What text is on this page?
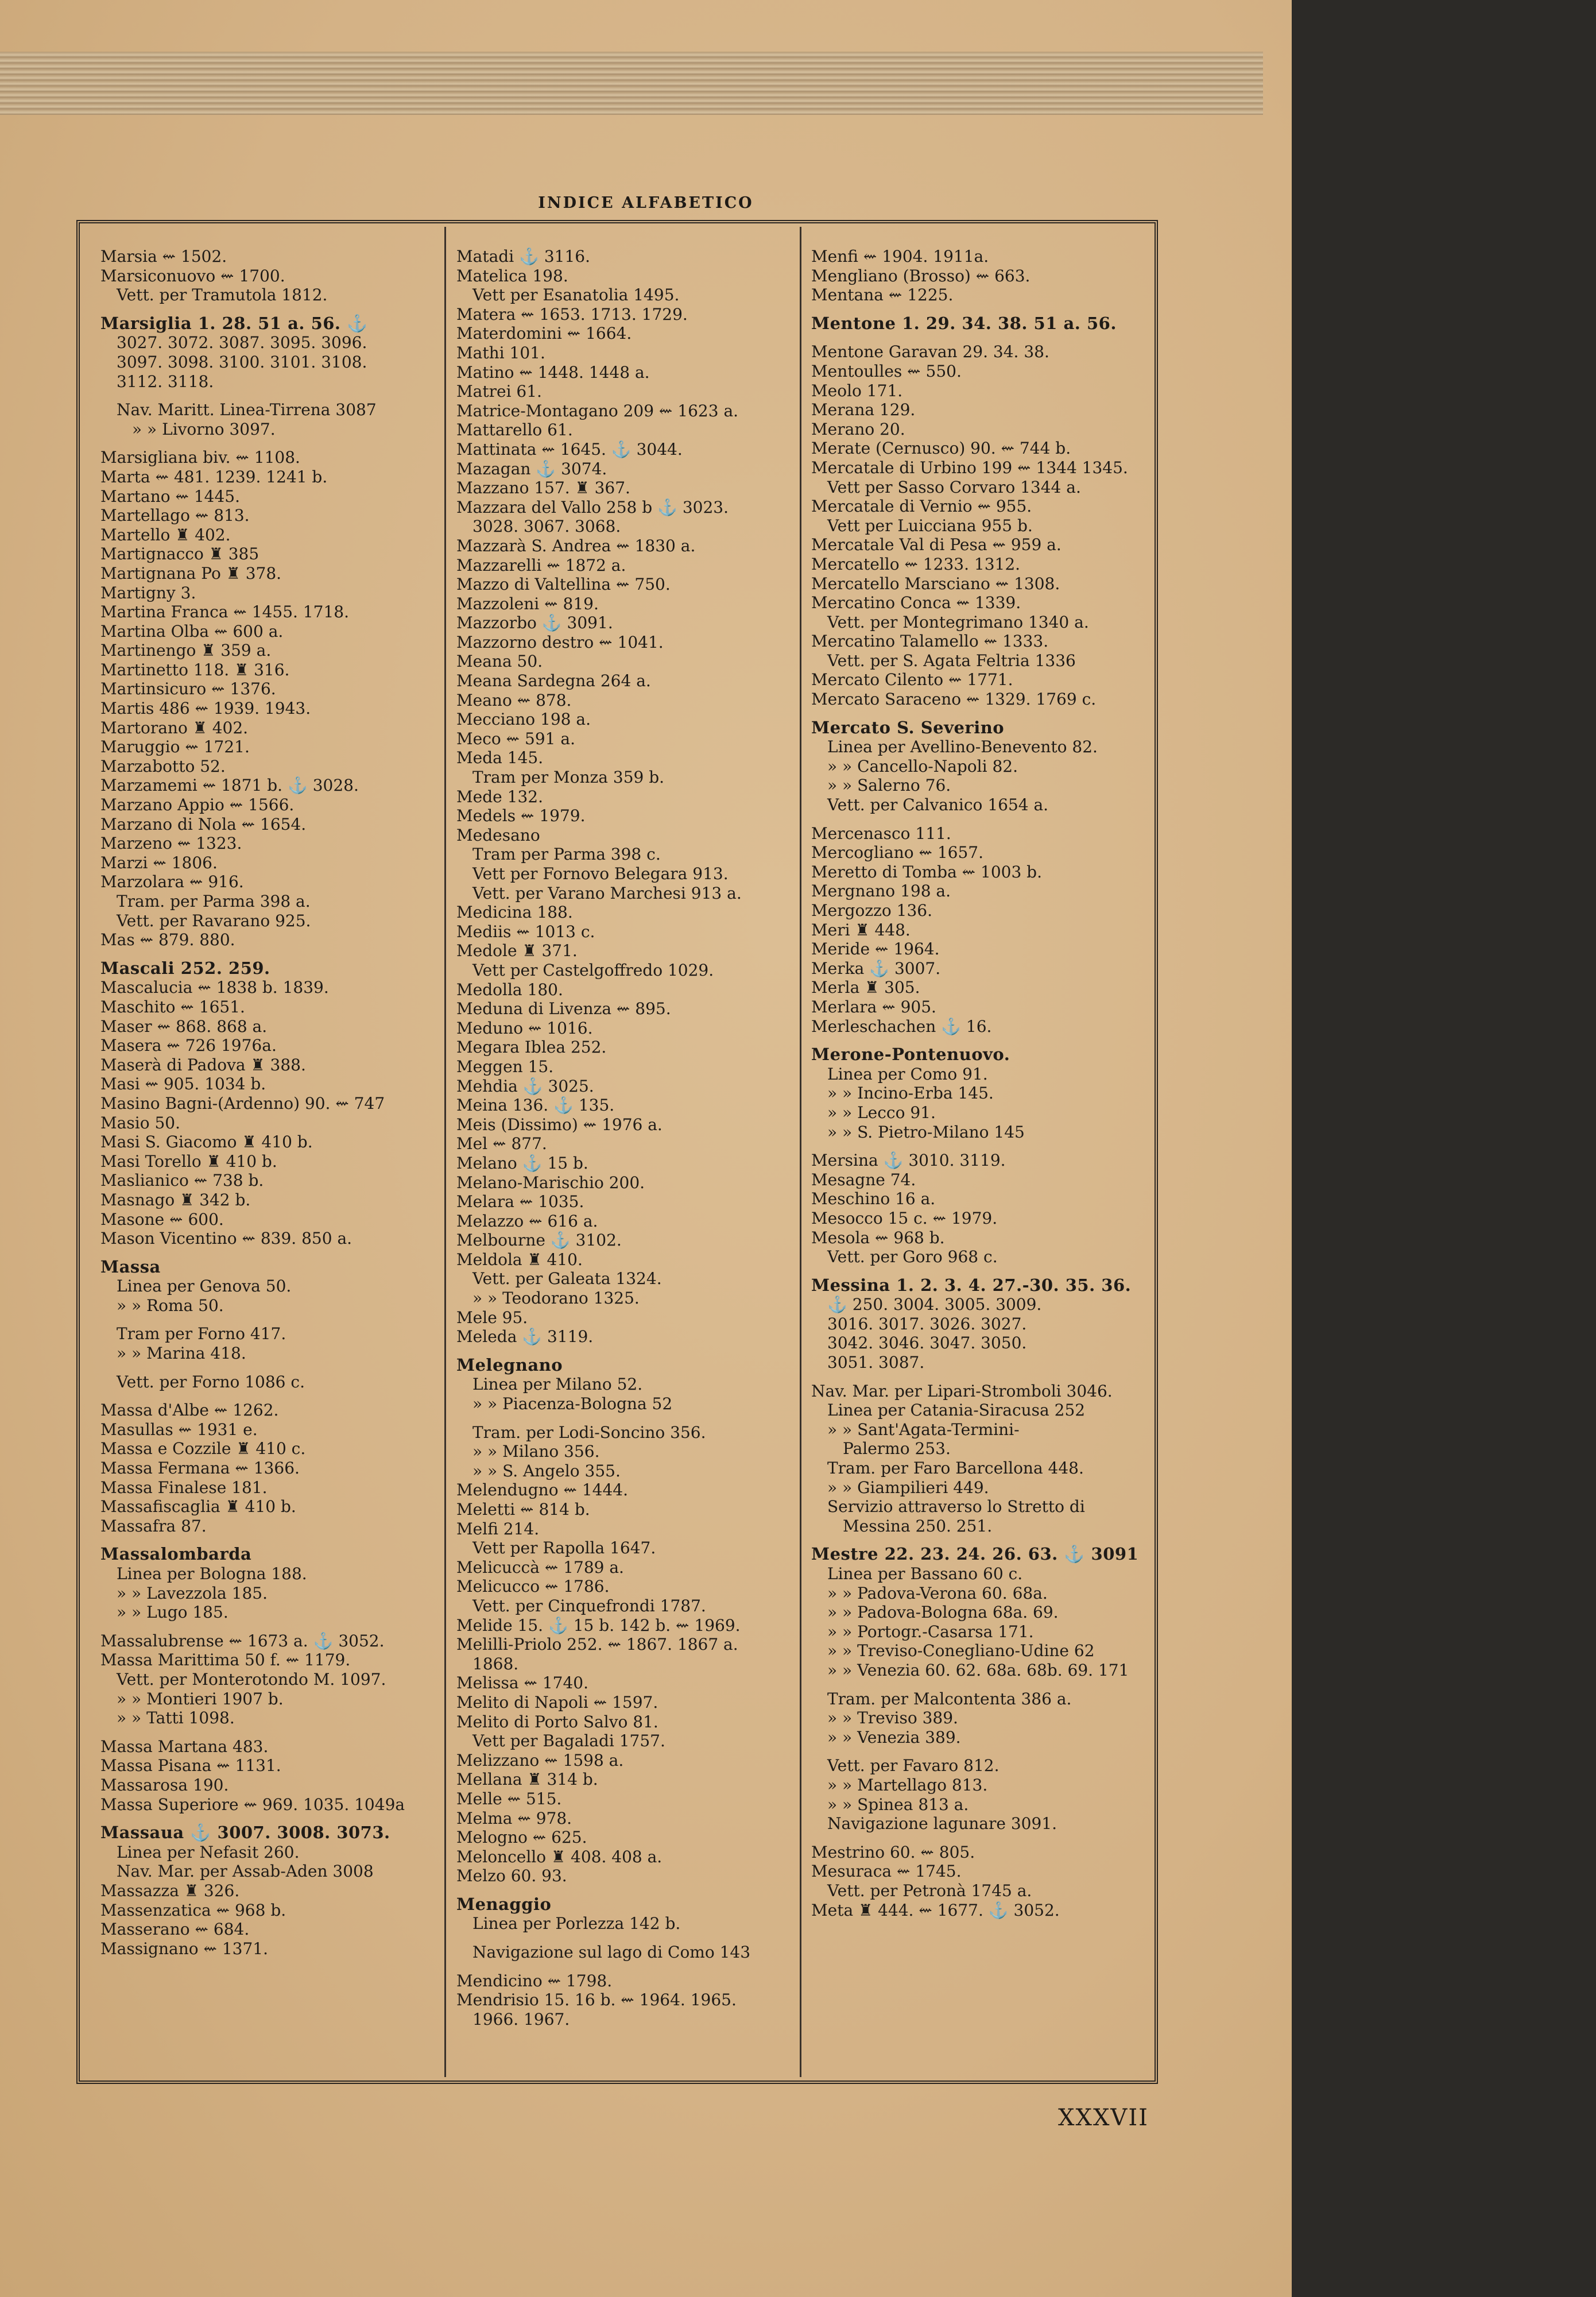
INDICE ALFABETICO
Marsia ⇜ 1502.
Marsiconuovo ⇜ 1700.
Vett. per Tramutola 1812.
Marsiglia 1. 28. 51 a. 56. ⚓
3027. 3072. 3087. 3095. 3096.
3097. 3098. 3100. 3101. 3108.
3112. 3118.
Nav. Maritt. Linea-Tirrena 3087
» » Livorno 3097.
Marsigliana biv. ⇜ 1108.
Marta ⇜ 481. 1239. 1241 b.
Martano ⇜ 1445.
Martellago ⇜ 813.
Martello ♜ 402.
Martignacco ♜ 385
Martignana Po ♜ 378.
Martigny 3.
Martina Franca ⇜ 1455. 1718.
Martina Olba ⇜ 600 a.
Martinengo ♜ 359 a.
Martinetto 118. ♜ 316.
Martinsicuro ⇜ 1376.
Martis 486 ⇜ 1939. 1943.
Martorano ♜ 402.
Maruggio ⇜ 1721.
Marzabotto 52.
Marzamemi ⇜ 1871 b. ⚓ 3028.
Marzano Appio ⇜ 1566.
Marzano di Nola ⇜ 1654.
Marzeno ⇜ 1323.
Marzi ⇜ 1806.
Marzolara ⇜ 916.
Tram. per Parma 398 a.
Vett. per Ravarano 925.
Mas ⇜ 879. 880.
Mascali 252. 259.
Mascalucia ⇜ 1838 b. 1839.
Maschito ⇜ 1651.
Maser ⇜ 868. 868 a.
Masera ⇜ 726 1976a.
Maserà di Padova ♜ 388.
Masi ⇜ 905. 1034 b.
Masino Bagni-(Ardenno) 90. ⇜ 747
Masio 50.
Masi S. Giacomo ♜ 410 b.
Masi Torello ♜ 410 b.
Maslianico ⇜ 738 b.
Masnago ♜ 342 b.
Masone ⇜ 600.
Mason Vicentino ⇜ 839. 850 a.
Massa
Linea per Genova 50.
» » Roma 50.
Tram per Forno 417.
» » Marina 418.
Vett. per Forno 1086 c.
Massa d'Albe ⇜ 1262.
Masullas ⇜ 1931 e.
Massa e Cozzile ♜ 410 c.
Massa Fermana ⇜ 1366.
Massa Finalese 181.
Massafiscaglia ♜ 410 b.
Massafra 87.
Massalombarda
Linea per Bologna 188.
» » Lavezzola 185.
» » Lugo 185.
Massalubrense ⇜ 1673 a. ⚓ 3052.
Massa Marittima 50 f. ⇜ 1179.
Vett. per Monterotondo M. 1097.
» » Montieri 1907 b.
» » Tatti 1098.
Massa Martana 483.
Massa Pisana ⇜ 1131.
Massarosa 190.
Massa Superiore ⇜ 969. 1035. 1049a
Massaua ⚓ 3007. 3008. 3073.
Linea per Nefasit 260.
Nav. Mar. per Assab-Aden 3008
Massazza ♜ 326.
Massenzatica ⇜ 968 b.
Masserano ⇜ 684.
Massignano ⇜ 1371.
Matadi ⚓ 3116.
Matelica 198.
Vett per Esanatolia 1495.
Matera ⇜ 1653. 1713. 1729.
Materdomini ⇜ 1664.
Mathi 101.
Matino ⇜ 1448. 1448 a.
Matrei 61.
Matrice-Montagano 209 ⇜ 1623 a.
Mattarello 61.
Mattinata ⇜ 1645. ⚓ 3044.
Mazagan ⚓ 3074.
Mazzano 157. ♜ 367.
Mazzara del Vallo 258 b ⚓ 3023.
3028. 3067. 3068.
Mazzarà S. Andrea ⇜ 1830 a.
Mazzarelli ⇜ 1872 a.
Mazzo di Valtellina ⇜ 750.
Mazzoleni ⇜ 819.
Mazzorbo ⚓ 3091.
Mazzorno destro ⇜ 1041.
Meana 50.
Meana Sardegna 264 a.
Meano ⇜ 878.
Mecciano 198 a.
Meco ⇜ 591 a.
Meda 145.
Tram per Monza 359 b.
Mede 132.
Medels ⇜ 1979.
Medesano
Tram per Parma 398 c.
Vett per Fornovo Belegara 913.
Vett. per Varano Marchesi 913 a.
Medicina 188.
Mediis ⇜ 1013 c.
Medole ♜ 371.
Vett per Castelgoffredo 1029.
Medolla 180.
Meduna di Livenza ⇜ 895.
Meduno ⇜ 1016.
Megara Iblea 252.
Meggen 15.
Mehdia ⚓ 3025.
Meina 136. ⚓ 135.
Meis (Dissimo) ⇜ 1976 a.
Mel ⇜ 877.
Melano ⚓ 15 b.
Melano-Marischio 200.
Melara ⇜ 1035.
Melazzo ⇜ 616 a.
Melbourne ⚓ 3102.
Meldola ♜ 410.
Vett. per Galeata 1324.
» » Teodorano 1325.
Mele 95.
Meleda ⚓ 3119.
Melegnano
Linea per Milano 52.
» » Piacenza-Bologna 52
Tram. per Lodi-Soncino 356.
» » Milano 356.
» » S. Angelo 355.
Melendugno ⇜ 1444.
Meletti ⇜ 814 b.
Melfi 214.
Vett per Rapolla 1647.
Melicuccà ⇜ 1789 a.
Melicucco ⇜ 1786.
Vett. per Cinquefrondi 1787.
Melide 15. ⚓ 15 b. 142 b. ⇜ 1969.
Melilli-Priolo 252. ⇜ 1867. 1867 a.
1868.
Melissa ⇜ 1740.
Melito di Napoli ⇜ 1597.
Melito di Porto Salvo 81.
Vett per Bagaladi 1757.
Melizzano ⇜ 1598 a.
Mellana ♜ 314 b.
Melle ⇜ 515.
Melma ⇜ 978.
Melogno ⇜ 625.
Meloncello ♜ 408. 408 a.
Melzo 60. 93.
Menaggio
Linea per Porlezza 142 b.
Navigazione sul lago di Como 143
Mendicino ⇜ 1798.
Mendrisio 15. 16 b. ⇜ 1964. 1965.
1966. 1967.
Menfi ⇜ 1904. 1911a.
Mengliano (Brosso) ⇜ 663.
Mentana ⇜ 1225.
Mentone 1. 29. 34. 38. 51 a. 56.
Mentone Garavan 29. 34. 38.
Mentoulles ⇜ 550.
Meolo 171.
Merana 129.
Merano 20.
Merate (Cernusco) 90. ⇜ 744 b.
Mercatale di Urbino 199 ⇜ 1344 1345.
Vett per Sasso Corvaro 1344 a.
Mercatale di Vernio ⇜ 955.
Vett per Luicciana 955 b.
Mercatale Val di Pesa ⇜ 959 a.
Mercatello ⇜ 1233. 1312.
Mercatello Marsciano ⇜ 1308.
Mercatino Conca ⇜ 1339.
Vett. per Montegrimano 1340 a.
Mercatino Talamello ⇜ 1333.
Vett. per S. Agata Feltria 1336
Mercato Cilento ⇜ 1771.
Mercato Saraceno ⇜ 1329. 1769 c.
Mercato S. Severino
Linea per Avellino-Benevento 82.
» » Cancello-Napoli 82.
» » Salerno 76.
Vett. per Calvanico 1654 a.
Mercenasco 111.
Mercogliano ⇜ 1657.
Meretto di Tomba ⇜ 1003 b.
Mergnano 198 a.
Mergozzo 136.
Meri ♜ 448.
Meride ⇜ 1964.
Merka ⚓ 3007.
Merla ♜ 305.
Merlara ⇜ 905.
Merleschachen ⚓ 16.
Merone-Pontenuovo.
Linea per Como 91.
» » Incino-Erba 145.
» » Lecco 91.
» » S. Pietro-Milano 145
Mersina ⚓ 3010. 3119.
Mesagne 74.
Meschino 16 a.
Mesocco 15 c. ⇜ 1979.
Mesola ⇜ 968 b.
Vett. per Goro 968 c.
Messina 1. 2. 3. 4. 27.-30. 35. 36.
⚓ 250. 3004. 3005. 3009.
3016. 3017. 3026. 3027.
3042. 3046. 3047. 3050.
3051. 3087.
Nav. Mar. per Lipari-Stromboli 3046.
Linea per Catania-Siracusa 252
» » Sant'Agata-Termini-
Palermo 253.
Tram. per Faro Barcellona 448.
» » Giampilieri 449.
Servizio attraverso lo Stretto di
Messina 250. 251.
Mestre 22. 23. 24. 26. 63. ⚓ 3091
Linea per Bassano 60 c.
» » Padova-Verona 60. 68a.
» » Padova-Bologna 68a. 69.
» » Portogr.-Casarsa 171.
» » Treviso-Conegliano-Udine 62
» » Venezia 60. 62. 68a. 68b. 69. 171
Tram. per Malcontenta 386 a.
» » Treviso 389.
» » Venezia 389.
Vett. per Favaro 812.
» » Martellago 813.
» » Spinea 813 a.
Navigazione lagunare 3091.
Mestrino 60. ⇜ 805.
Mesuraca ⇜ 1745.
Vett. per Petronà 1745 a.
Meta ♜ 444. ⇜ 1677. ⚓ 3052.
XXXVII
